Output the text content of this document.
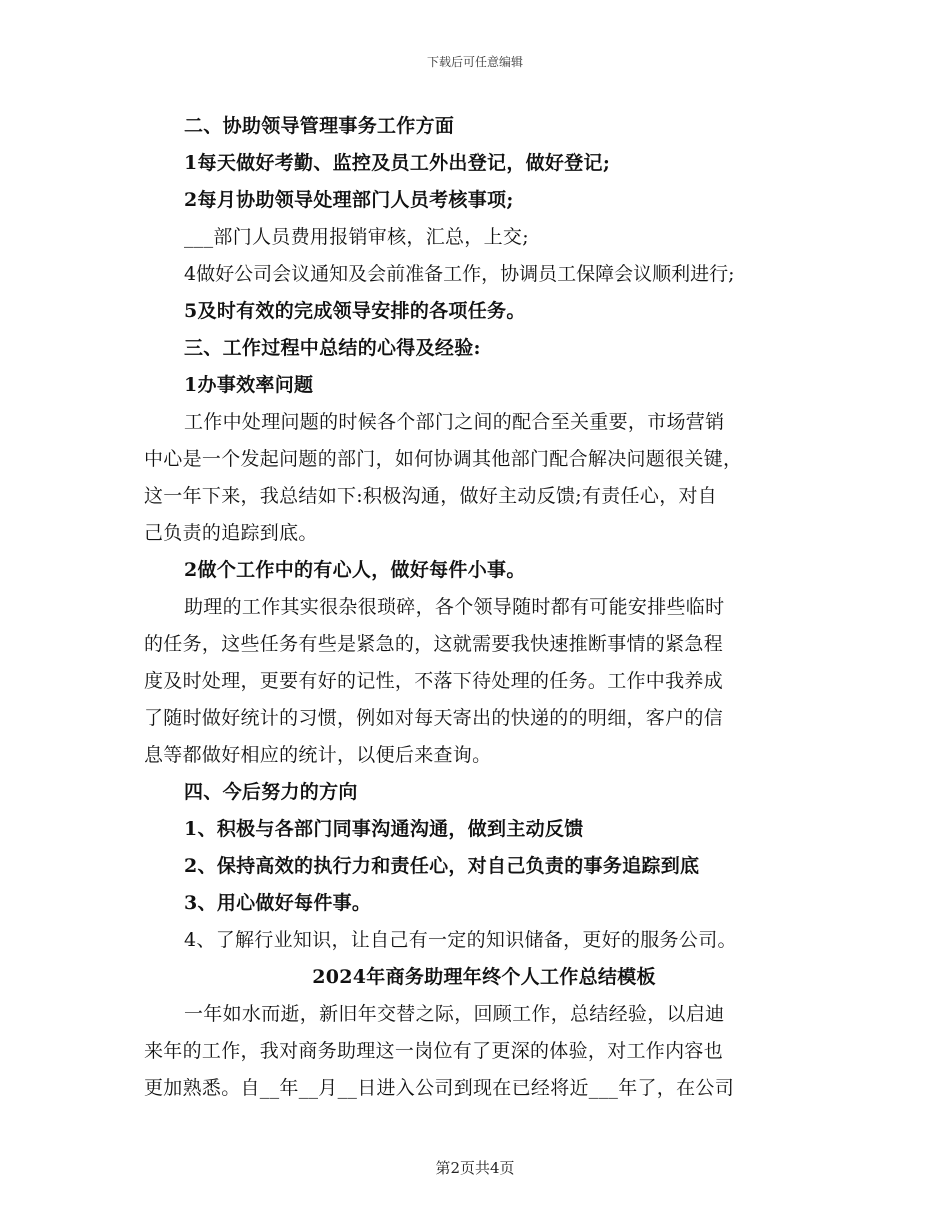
下载后可任意编辑
二、协助领导管理事务工作方面
1每天做好考勤、监控及员工外出登记，做好登记;
2每月协助领导处理部门人员考核事项;
___部门人员费用报销审核，汇总，上交;
4做好公司会议通知及会前准备工作，协调员工保障会议顺利进行;
5及时有效的完成领导安排的各项任务。
三、工作过程中总结的心得及经验:
1办事效率问题
工作中处理问题的时候各个部门之间的配合至关重要，市场营销
中心是一个发起问题的部门，如何协调其他部门配合解决问题很关键，
这一年下来，我总结如下:积极沟通，做好主动反馈;有责任心，对自
己负责的追踪到底。
2做个工作中的有心人，做好每件小事。
助理的工作其实很杂很琐碎，各个领导随时都有可能安排些临时
的任务，这些任务有些是紧急的，这就需要我快速推断事情的紧急程
度及时处理，更要有好的记性，不落下待处理的任务。工作中我养成
了随时做好统计的习惯，例如对每天寄出的快递的的明细，客户的信
息等都做好相应的统计，以便后来查询。
四、今后努力的方向
1、积极与各部门同事沟通沟通，做到主动反馈
2、保持高效的执行力和责任心，对自己负责的事务追踪到底
3、用心做好每件事。
4、了解行业知识，让自己有一定的知识储备，更好的服务公司。
2024年商务助理年终个人工作总结模板
一年如水而逝，新旧年交替之际，回顾工作，总结经验，以启迪
来年的工作，我对商务助理这一岗位有了更深的体验，对工作内容也
更加熟悉。自__年__月__日进入公司到现在已经将近___年了，在公司
第2页共4页
